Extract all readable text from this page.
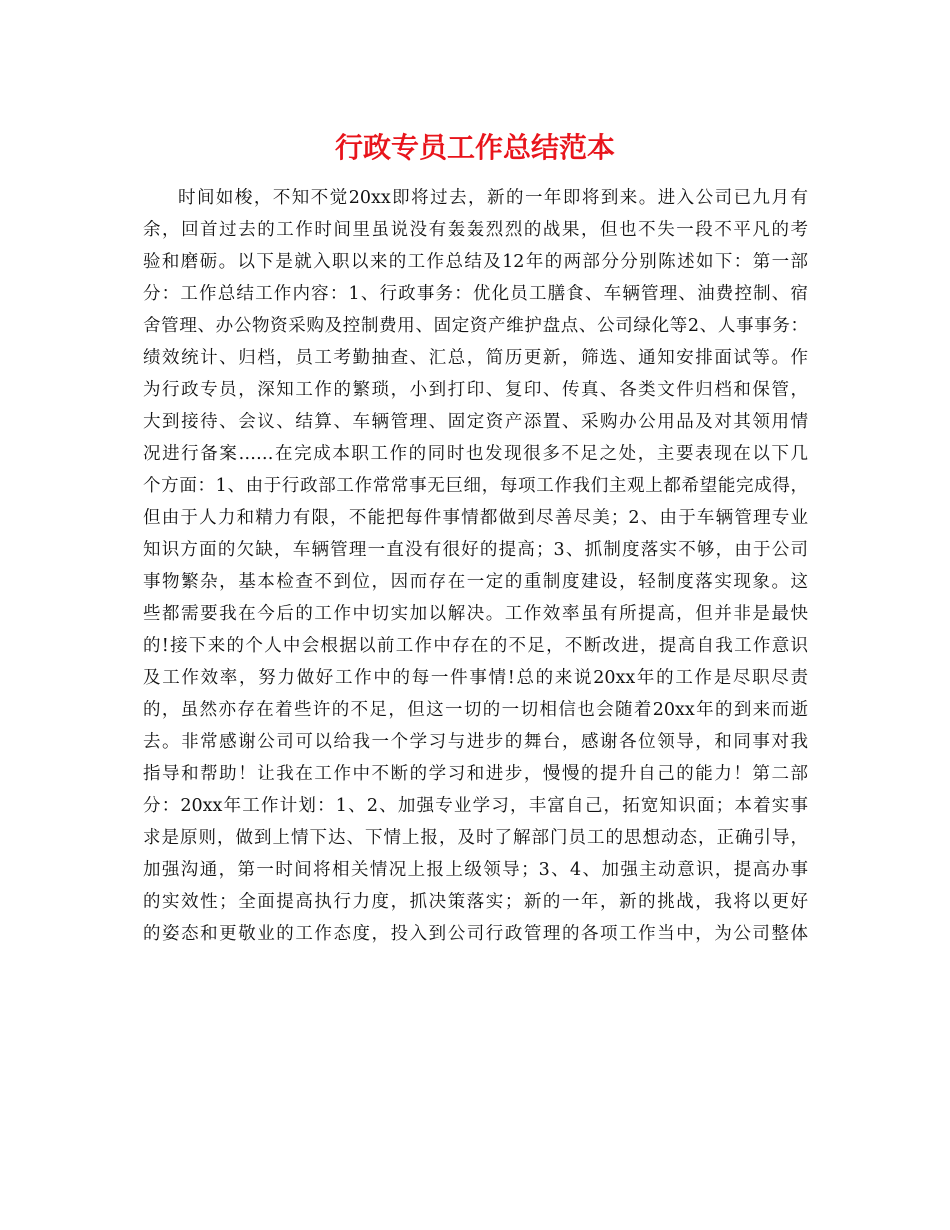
行政专员工作总结范本
时间如梭，不知不觉20xx即将过去，新的一年即将到来。进入公司已九月有
余，回首过去的工作时间里虽说没有轰轰烈烈的战果，但也不失一段不平凡的考
验和磨砺。以下是就入职以来的工作总结及12年的两部分分别陈述如下：第一部
分：工作总结工作内容：1、行政事务：优化员工膳食、车辆管理、油费控制、宿
舍管理、办公物资采购及控制费用、固定资产维护盘点、公司绿化等2、人事事务：
绩效统计、归档，员工考勤抽查、汇总，简历更新，筛选、通知安排面试等。作
为行政专员，深知工作的繁琐，小到打印、复印、传真、各类文件归档和保管，
大到接待、会议、结算、车辆管理、固定资产添置、采购办公用品及对其领用情
况进行备案……在完成本职工作的同时也发现很多不足之处，主要表现在以下几
个方面：1、由于行政部工作常常事无巨细，每项工作我们主观上都希望能完成得，
但由于人力和精力有限，不能把每件事情都做到尽善尽美；2、由于车辆管理专业
知识方面的欠缺，车辆管理一直没有很好的提高；3、抓制度落实不够，由于公司
事物繁杂，基本检查不到位，因而存在一定的重制度建设，轻制度落实现象。这
些都需要我在今后的工作中切实加以解决。工作效率虽有所提高，但并非是最快
的!接下来的个人中会根据以前工作中存在的不足，不断改进，提高自我工作意识
及工作效率，努力做好工作中的每一件事情!总的来说20xx年的工作是尽职尽责
的，虽然亦存在着些许的不足，但这一切的一切相信也会随着20xx年的到来而逝
去。非常感谢公司可以给我一个学习与进步的舞台，感谢各位领导，和同事对我
指导和帮助！让我在工作中不断的学习和进步，慢慢的提升自己的能力！第二部
分：20xx年工作计划：1、2、加强专业学习，丰富自己，拓宽知识面；本着实事
求是原则，做到上情下达、下情上报，及时了解部门员工的思想动态，正确引导，
加强沟通，第一时间将相关情况上报上级领导；3、4、加强主动意识，提高办事
的实效性；全面提高执行力度，抓决策落实；新的一年，新的挑战，我将以更好
的姿态和更敬业的工作态度，投入到公司行政管理的各项工作当中，为公司整体
